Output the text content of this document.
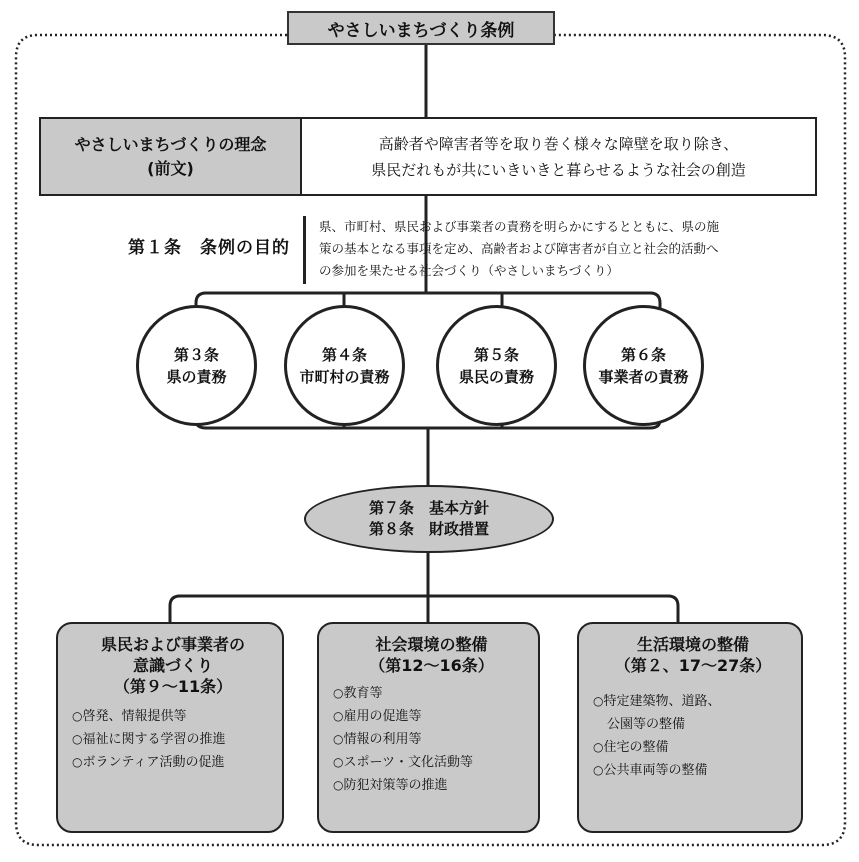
やさしいまちづくり条例
やさしいまちづくりの理念
(前文)
高齢者や障害者等を取り巻く様々な障壁を取り除き、
県民だれもが共にいきいきと暮らせるような社会の創造
第１条　条例の目的
県、市町村、県民および事業者の責務を明らかにするとともに、県の施
策の基本となる事項を定め、高齢者および障害者が自立と社会的活動へ
の参加を果たせる社会づくり（やさしいまちづくり）
第３条
県の責務
第４条
市町村の責務
第５条
県民の責務
第６条
事業者の責務
第７条　基本方針
第８条　財政措置
県民および事業者の
意識づくり
（第９～11条）
○啓発、情報提供等
○福祉に関する学習の推進
○ボランティア活動の促進
社会環境の整備
（第12～16条）
○教育等
○雇用の促進等
○情報の利用等
○スポーツ・文化活動等
○防犯対策等の推進
生活環境の整備
（第２、17～27条）
○特定建築物、道路、
公園等の整備
○住宅の整備
○公共車両等の整備
